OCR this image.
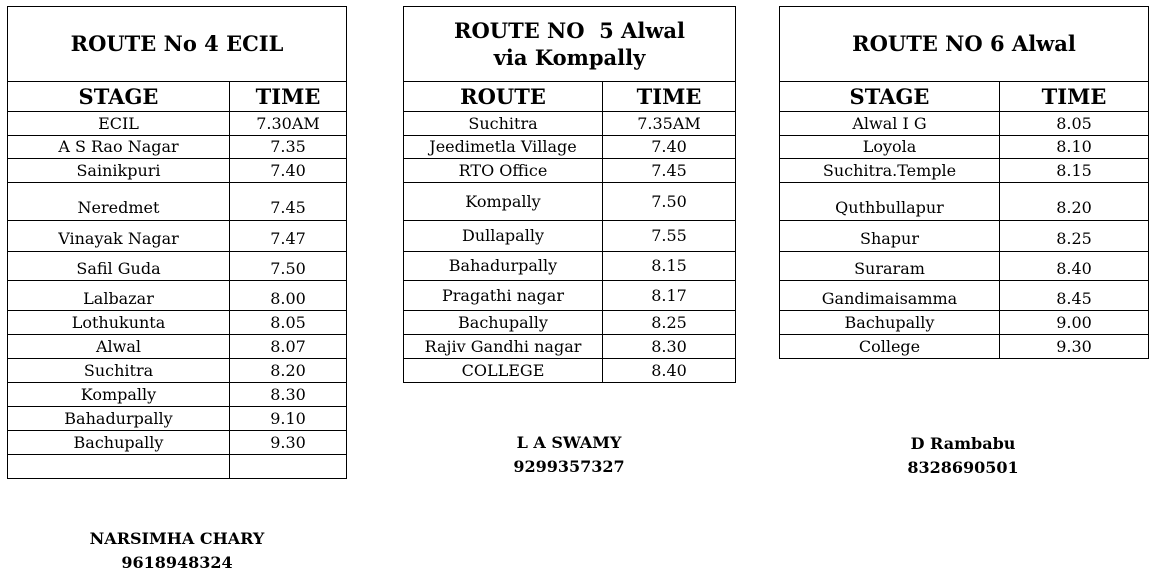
ROUTE No 4 ECIL	
STAGE	TIME
ECIL	7.30AM
A S Rao Nagar	7.35
Sainikpuri	7.40
Neredmet	7.45
Vinayak Nagar	7.47
Safil Guda	7.50
Lalbazar	8.00
Lothukunta	8.05
Alwal	8.07
Suchitra	8.20
Kompally	8.30
Bahadurpally	9.10
Bachupally	9.30

ROUTE NO  5 Alwal
via Kompally	

ROUTE	TIME
Suchitra	7.35AM
Jeedimetla Village	7.40
RTO Office	7.45
Kompally	7.50
Dullapally	7.55
Bahadurpally	8.15
Pragathi nagar	8.17
Bachupally	8.25
Rajiv Gandhi nagar	8.30
COLLEGE	8.40
ROUTE NO 6 Alwal	
STAGE	TIME
Alwal I G	8.05
Loyola	8.10
Suchitra.Temple	8.15
Quthbullapur	8.20
Shapur	8.25
Suraram	8.40
Gandimaisamma	8.45
Bachupally	9.00
College	9.30
NARSIMHA CHARY
9618948324
L A SWAMY
9299357327
D Rambabu
8328690501
